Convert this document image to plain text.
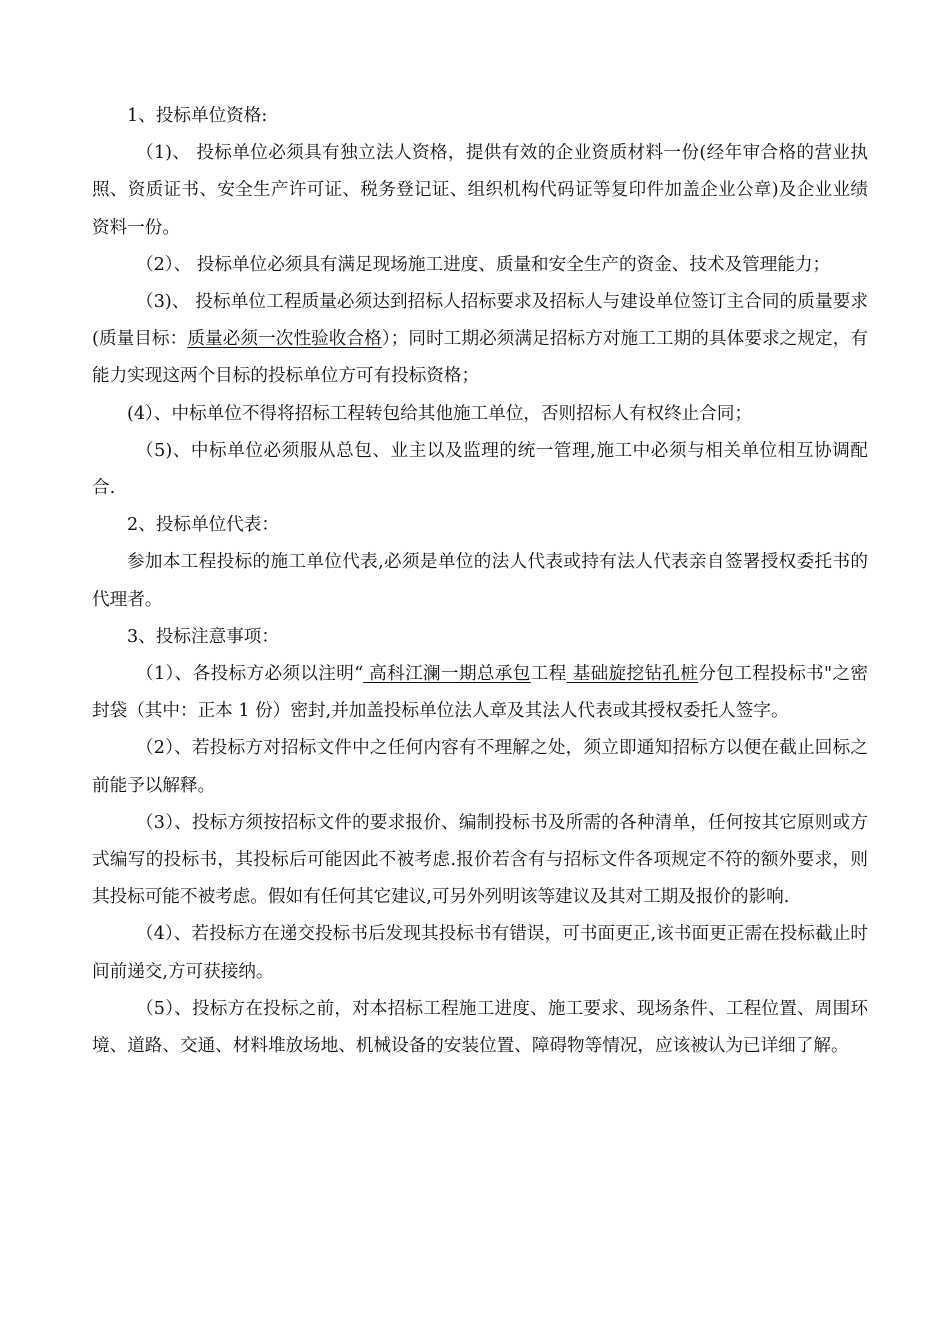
1、投标单位资格:

（1)、 投标单位必须具有独立法人资格，提供有效的企业资质材料一份(经年审合格的营业执照、资质证书、安全生产许可证、税务登记证、组织机构代码证等复印件加盖企业公章)及企业业绩资料一份。

（2）、 投标单位必须具有满足现场施工进度、质量和安全生产的资金、技术及管理能力；

（3)、 投标单位工程质量必须达到招标人招标要求及招标人与建设单位签订主合同的质量要求(质量目标：质量必须一次性验收合格）；同时工期必须满足招标方对施工工期的具体要求之规定，有能力实现这两个目标的投标单位方可有投标资格；

(4）、中标单位不得将招标工程转包给其他施工单位，否则招标人有权终止合同；

（5)、中标单位必须服从总包、业主以及监理的统一管理,施工中必须与相关单位相互协调配合.

2、投标单位代表：

参加本工程投标的施工单位代表,必须是单位的法人代表或持有法人代表亲自签署授权委托书的代理者。

3、投标注意事项：

（1）、各投标方必须以注明“ 高科江澜一期总承包工程 基础旋挖钻孔桩分包工程投标书"之密封袋（其中：正本 1 份）密封,并加盖投标单位法人章及其法人代表或其授权委托人签字。

（2）、若投标方对招标文件中之任何内容有不理解之处，须立即通知招标方以便在截止回标之前能予以解释。

（3）、投标方须按招标文件的要求报价、编制投标书及所需的各种清单，任何按其它原则或方式编写的投标书，其投标后可能因此不被考虑.报价若含有与招标文件各项规定不符的额外要求，则其投标可能不被考虑。假如有任何其它建议,可另外列明该等建议及其对工期及报价的影响.

（4）、若投标方在递交投标书后发现其投标书有错误，可书面更正,该书面更正需在投标截止时间前递交,方可获接纳。

（5）、投标方在投标之前，对本招标工程施工进度、施工要求、现场条件、工程位置、周围环境、道路、交通、材料堆放场地、机械设备的安装位置、障碍物等情况，应该被认为已详细了解。
